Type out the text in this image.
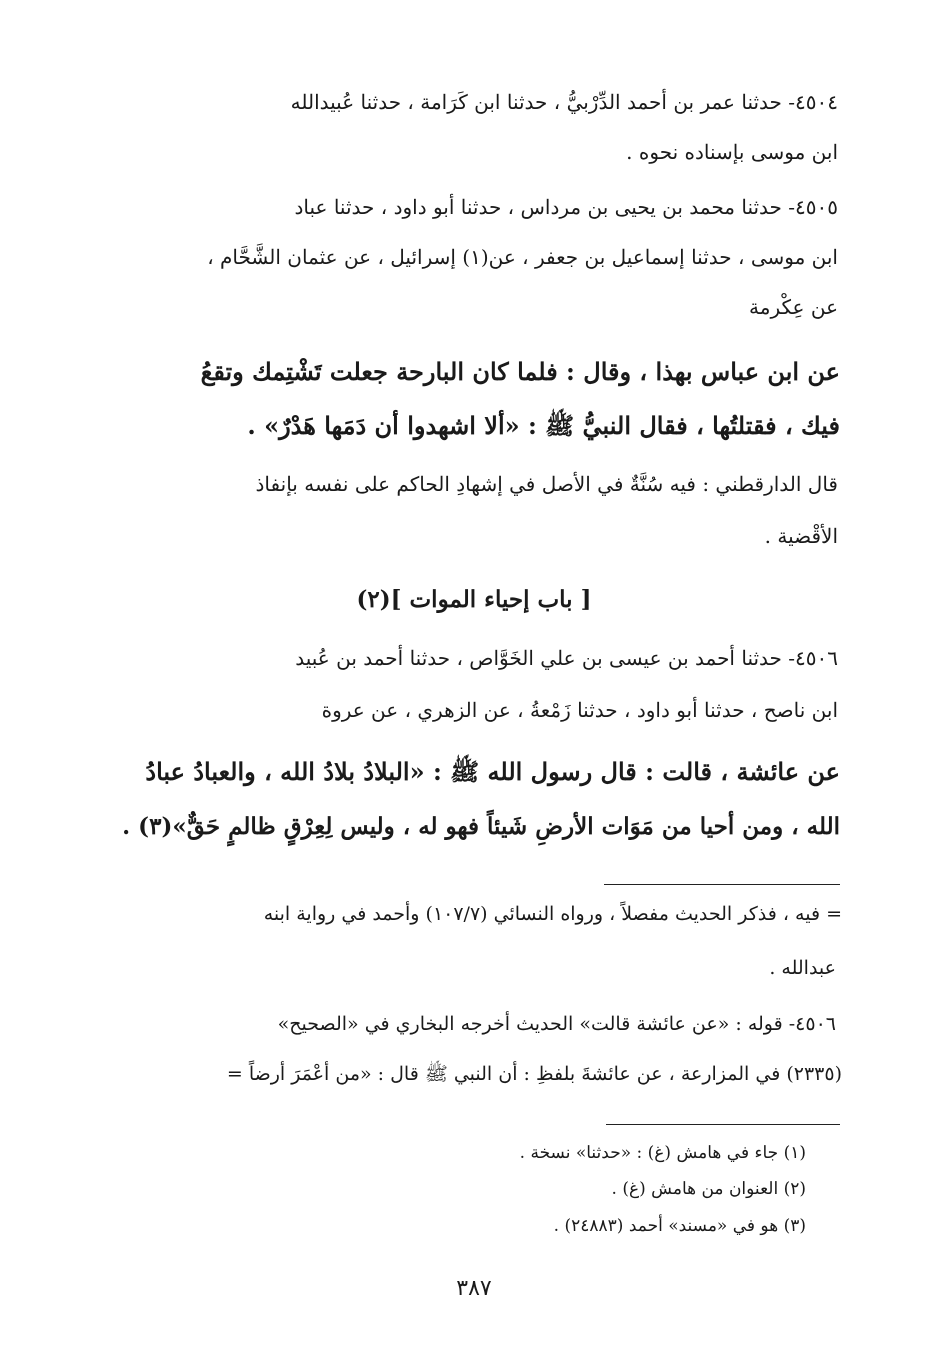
٤٥٠٤- حدثنا عمر بن أحمد الدِّرْبيُّ ، حدثنا ابن كَرَامة ، حدثنا عُبيدالله

ابن موسى بإسناده نحوه .

٤٥٠٥- حدثنا محمد بن يحيى بن مرداس ، حدثنا أبو داود ، حدثنا عباد

ابن موسى ، حدثنا إسماعيل بن جعفر ، عن(١) إسرائيل ، عن عثمان الشَّحَّام ،

عن عِكْرمة

عن ابن عباس بهذا ، وقال : فلما كان البارحة جعلت تَشْتِمك وتقعُ

فيك ، فقتلتُها ، فقال النبيُّ ﷺ : «ألا اشهدوا أن دَمَها هَدْرٌ» .

قال الدارقطني : فيه سُنَّةٌ في الأصل في إشهادِ الحاكم على نفسه بإنفاذ

الأقْضية .

[ باب إحياء الموات ](٢)

٤٥٠٦- حدثنا أحمد بن عيسى بن علي الخَوَّاص ، حدثنا أحمد بن عُبيد

ابن ناصح ، حدثنا أبو داود ، حدثنا زَمْعةُ ، عن الزهري ، عن عروة

عن عائشة ، قالت : قال رسول الله ﷺ : «البلادُ بلادُ الله ، والعبادُ عبادُ

الله ، ومن أحيا من مَوَات الأرضِ شَيئاً فهو له ، وليس لِعِرْقٍ ظالمٍ حَقٌّ»(٣) .

= فيه ، فذكر الحديث مفصلاً ، ورواه النسائي (١٠٧/٧) وأحمد في رواية ابنه

عبدالله .

٤٥٠٦- قوله : «عن عائشة قالت» الحديث أخرجه البخاري في «الصحيح»

(٢٣٣٥) في المزارعة ، عن عائشةَ بلفظِ : أن النبي ﷺ قال : «من أعْمَرَ أرضاً =

(١) جاء في هامش (غ) : «حدثنا» نسخة .

(٢) العنوان من هامش (غ) .

(٣) هو في «مسند» أحمد (٢٤٨٨٣) .

٣٨٧
